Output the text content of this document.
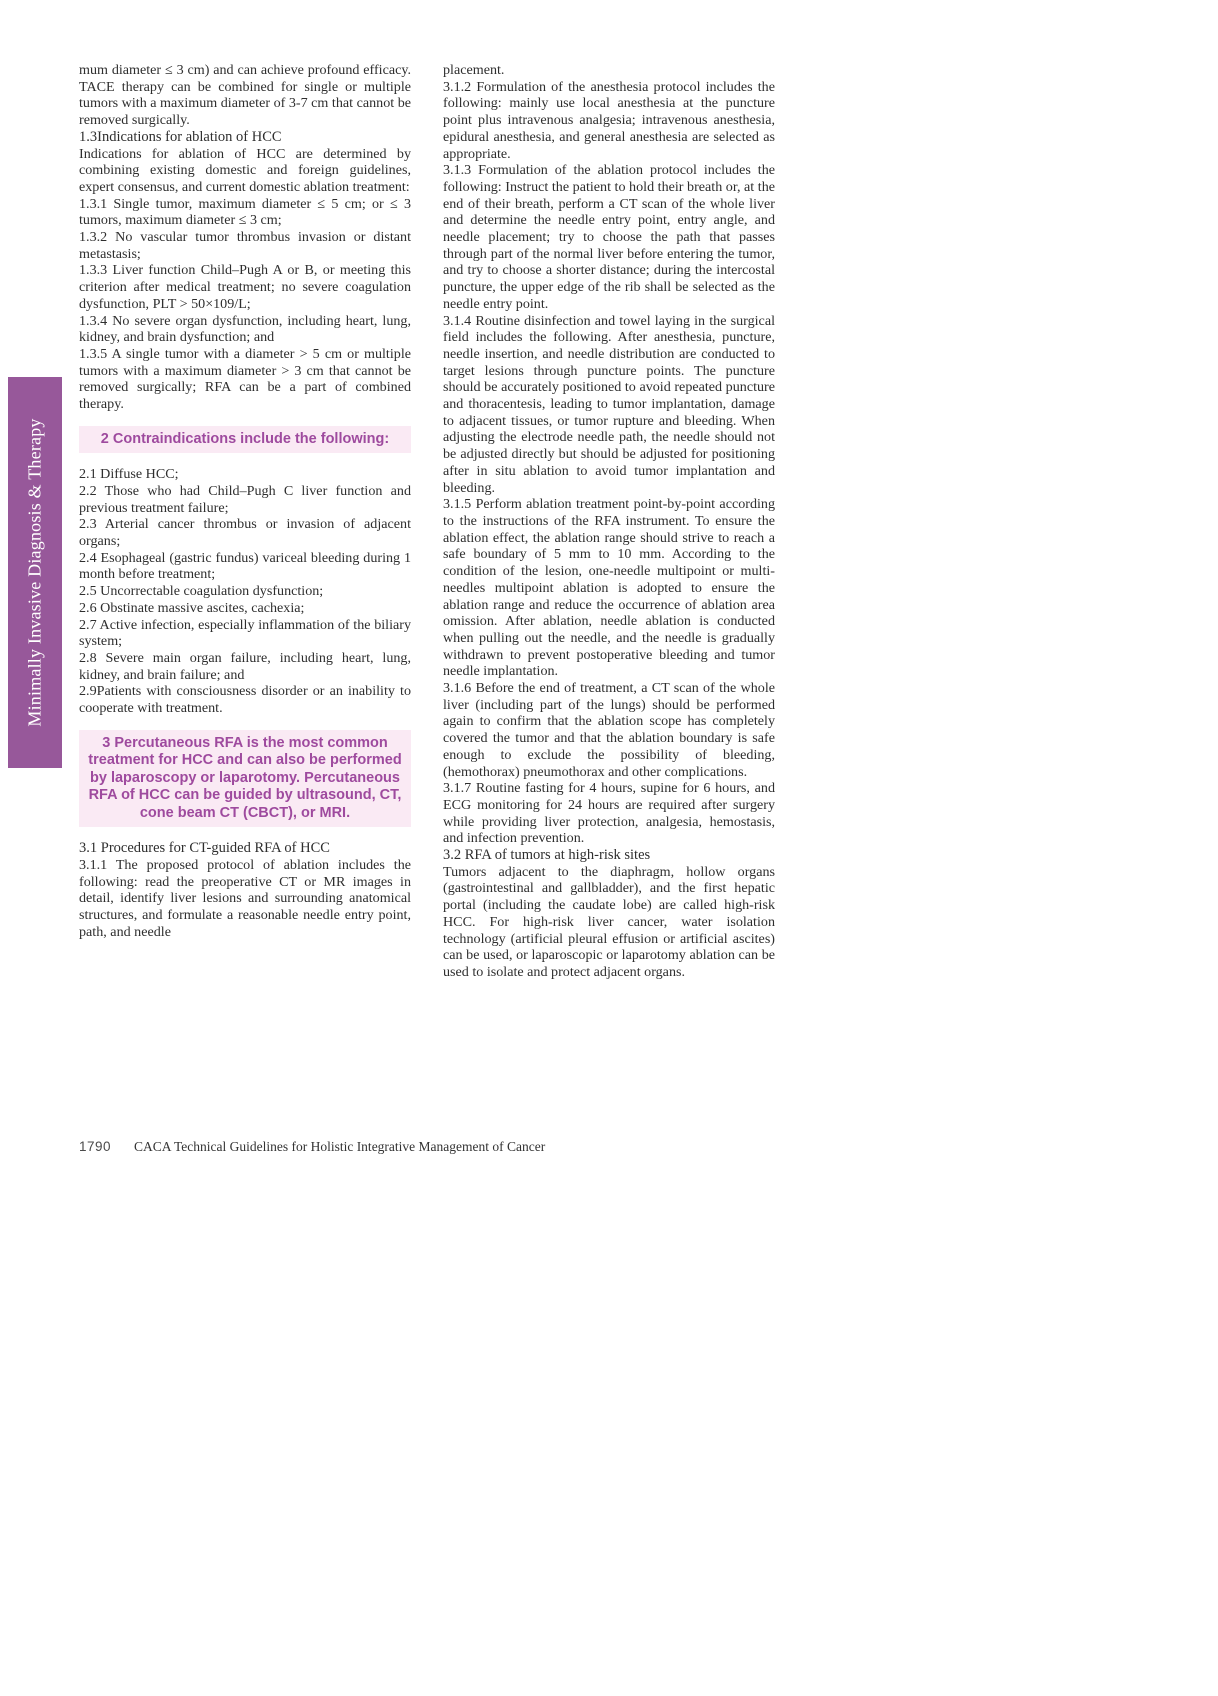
Minimally Invasive Diagnosis & Therapy

mum diameter ≤ 3 cm) and can achieve profound efficacy. TACE therapy can be combined for single or multiple tumors with a maximum diameter of 3-7 cm that cannot be removed surgically.

1.3Indications for ablation of HCC

Indications for ablation of HCC are determined by combining existing domestic and foreign guidelines, expert consensus, and current domestic ablation treatment:

1.3.1 Single tumor, maximum diameter ≤ 5 cm; or ≤ 3 tumors, maximum diameter ≤ 3 cm;

1.3.2 No vascular tumor thrombus invasion or distant metastasis;

1.3.3 Liver function Child–Pugh A or B, or meeting this criterion after medical treatment; no severe coagulation dysfunction, PLT > 50×109/L;

1.3.4 No severe organ dysfunction, including heart, lung, kidney, and brain dysfunction; and

1.3.5 A single tumor with a diameter > 5 cm or multiple tumors with a maximum diameter > 3 cm that cannot be removed surgically; RFA can be a part of combined therapy.

2 Contraindications include the following:

2.1 Diffuse HCC;

2.2 Those who had Child–Pugh C liver function and previous treatment failure;

2.3 Arterial cancer thrombus or invasion of adjacent organs;

2.4 Esophageal (gastric fundus) variceal bleeding during 1 month before treatment;

2.5 Uncorrectable coagulation dysfunction;

2.6 Obstinate massive ascites, cachexia;

2.7 Active infection, especially inflammation of the biliary system;

2.8 Severe main organ failure, including heart, lung, kidney, and brain failure; and

2.9Patients with consciousness disorder or an inability to cooperate with treatment.

3 Percutaneous RFA is the most common treatment for HCC and can also be performed by laparoscopy or laparotomy. Percutaneous RFA of HCC can be guided by ultrasound, CT, cone beam CT (CBCT), or MRI.

3.1 Procedures for CT-guided RFA of HCC

3.1.1 The proposed protocol of ablation includes the following: read the preoperative CT or MR images in detail, identify liver lesions and surrounding anatomical structures, and formulate a reasonable needle entry point, path, and needle

placement.

3.1.2 Formulation of the anesthesia protocol includes the following: mainly use local anesthesia at the puncture point plus intravenous analgesia; intravenous anesthesia, epidural anesthesia, and general anesthesia are selected as appropriate.

3.1.3 Formulation of the ablation protocol includes the following: Instruct the patient to hold their breath or, at the end of their breath, perform a CT scan of the whole liver and determine the needle entry point, entry angle, and needle placement; try to choose the path that passes through part of the normal liver before entering the tumor, and try to choose a shorter distance; during the intercostal puncture, the upper edge of the rib shall be selected as the needle entry point.

3.1.4 Routine disinfection and towel laying in the surgical field includes the following. After anesthesia, puncture, needle insertion, and needle distribution are conducted to target lesions through puncture points. The puncture should be accurately positioned to avoid repeated puncture and thoracentesis, leading to tumor implantation, damage to adjacent tissues, or tumor rupture and bleeding. When adjusting the electrode needle path, the needle should not be adjusted directly but should be adjusted for positioning after in situ ablation to avoid tumor implantation and bleeding.

3.1.5 Perform ablation treatment point-by-point according to the instructions of the RFA instrument. To ensure the ablation effect, the ablation range should strive to reach a safe boundary of 5 mm to 10 mm. According to the condition of the lesion, one-needle multipoint or multi-needles multipoint ablation is adopted to ensure the ablation range and reduce the occurrence of ablation area omission. After ablation, needle ablation is conducted when pulling out the needle, and the needle is gradually withdrawn to prevent postoperative bleeding and tumor needle implantation.

3.1.6 Before the end of treatment, a CT scan of the whole liver (including part of the lungs) should be performed again to confirm that the ablation scope has completely covered the tumor and that the ablation boundary is safe enough to exclude the possibility of bleeding, (hemothorax) pneumothorax and other complications.

3.1.7 Routine fasting for 4 hours, supine for 6 hours, and ECG monitoring for 24 hours are required after surgery while providing liver protection, analgesia, hemostasis, and infection prevention.

3.2 RFA of tumors at high-risk sites

Tumors adjacent to the diaphragm, hollow organs (gastrointestinal and gallbladder), and the first hepatic portal (including the caudate lobe) are called high-risk HCC. For high-risk liver cancer, water isolation technology (artificial pleural effusion or artificial ascites) can be used, or laparoscopic or laparotomy ablation can be used to isolate and protect adjacent organs.

1790 CACA Technical Guidelines for Holistic Integrative Management of Cancer
